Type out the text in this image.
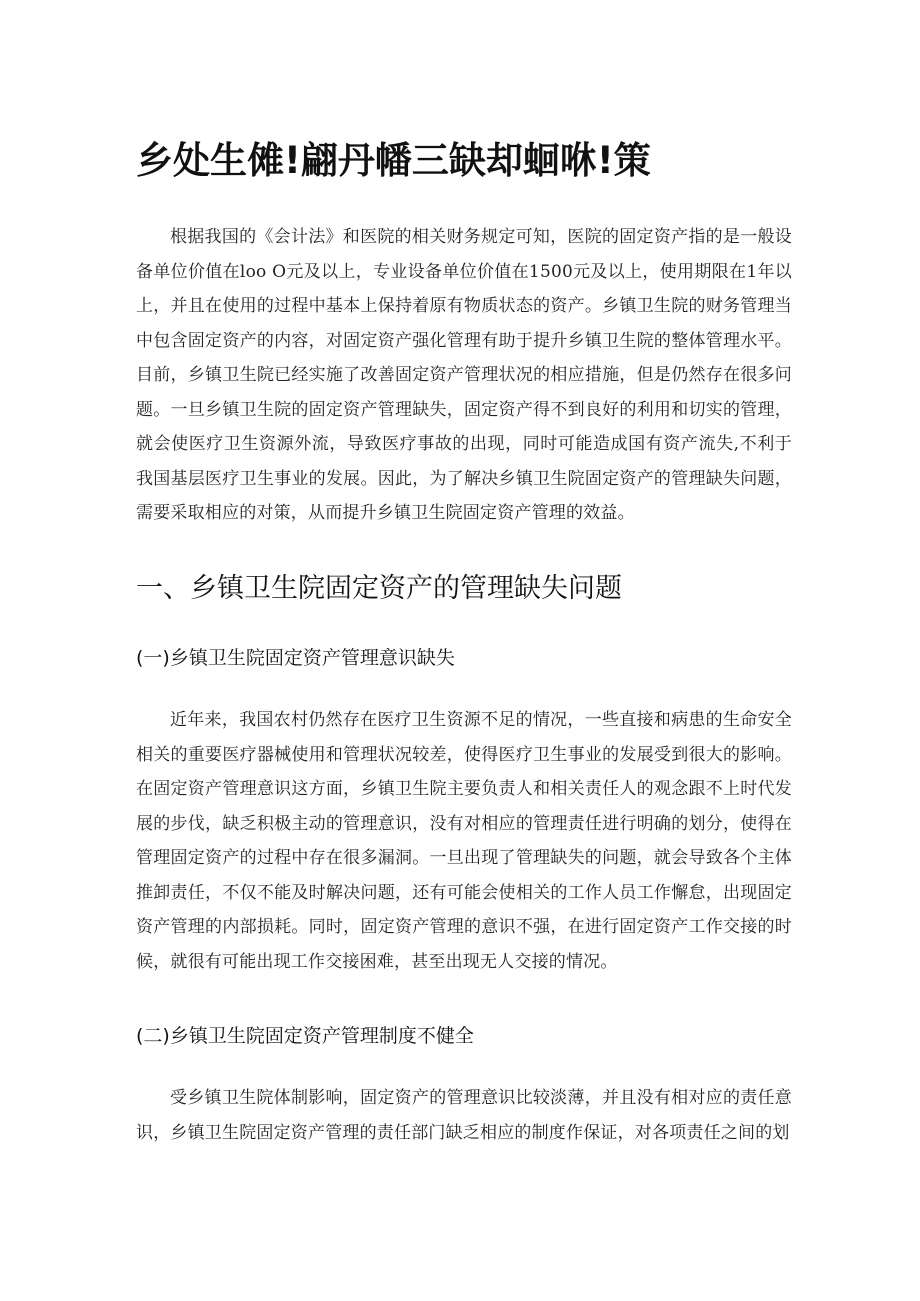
乡处生傩!翩丹幡三缺却蛔咻!策
根据我国的《会计法》和医院的相关财务规定可知，医院的固定资产指的是一般设备单位价值在loo O元及以上，专业设备单位价值在1500元及以上，使用期限在1年以上，并且在使用的过程中基本上保持着原有物质状态的资产。乡镇卫生院的财务管理当中包含固定资产的内容，对固定资产强化管理有助于提升乡镇卫生院的整体管理水平。目前，乡镇卫生院已经实施了改善固定资产管理状况的相应措施，但是仍然存在很多问题。一旦乡镇卫生院的固定资产管理缺失，固定资产得不到良好的利用和切实的管理，就会使医疗卫生资源外流，导致医疗事故的出现，同时可能造成国有资产流失,不利于我国基层医疗卫生事业的发展。因此，为了解决乡镇卫生院固定资产的管理缺失问题，需要采取相应的对策，从而提升乡镇卫生院固定资产管理的效益。
一、乡镇卫生院固定资产的管理缺失问题
(一)乡镇卫生院固定资产管理意识缺失
近年来，我国农村仍然存在医疗卫生资源不足的情况，一些直接和病患的生命安全相关的重要医疗器械使用和管理状况较差，使得医疗卫生事业的发展受到很大的影响。在固定资产管理意识这方面，乡镇卫生院主要负责人和相关责任人的观念跟不上时代发展的步伐，缺乏积极主动的管理意识，没有对相应的管理责任进行明确的划分，使得在管理固定资产的过程中存在很多漏洞。一旦出现了管理缺失的问题，就会导致各个主体推卸责任，不仅不能及时解决问题，还有可能会使相关的工作人员工作懈怠，出现固定资产管理的内部损耗。同时，固定资产管理的意识不强，在进行固定资产工作交接的时候，就很有可能出现工作交接困难，甚至出现无人交接的情况。
(二)乡镇卫生院固定资产管理制度不健全
受乡镇卫生院体制影响，固定资产的管理意识比较淡薄，并且没有相对应的责任意识，乡镇卫生院固定资产管理的责任部门缺乏相应的制度作保证，对各项责任之间的划
